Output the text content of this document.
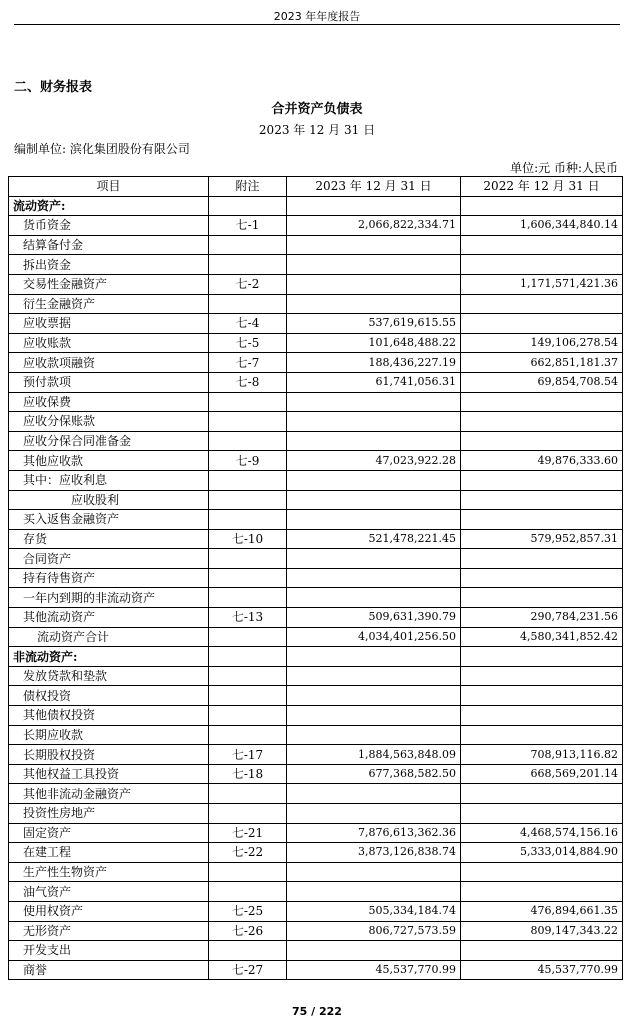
2023 年年度报告
二、财务报表
合并资产负债表
2023 年 12 月 31 日
编制单位: 滨化集团股份有限公司
单位:元 币种:人民币
项目	附注	2023 年 12 月 31 日	2022 年 12 月 31 日
流动资产:			
货币资金	七-1	2,066,822,334.71	1,606,344,840.14
结算备付金			
拆出资金			
交易性金融资产	七-2		1,171,571,421.36
衍生金融资产			
应收票据	七-4	537,619,615.55	
应收账款	七-5	101,648,488.22	149,106,278.54
应收款项融资	七-7	188,436,227.19	662,851,181.37
预付款项	七-8	61,741,056.31	69,854,708.54
应收保费			
应收分保账款			
应收分保合同准备金			
其他应收款	七-9	47,023,922.28	49,876,333.60
其中：应收利息			
应收股利			
买入返售金融资产			
存货	七-10	521,478,221.45	579,952,857.31
合同资产			
持有待售资产			
一年内到期的非流动资产			
其他流动资产	七-13	509,631,390.79	290,784,231.56
流动资产合计		4,034,401,256.50	4,580,341,852.42
非流动资产:			
发放贷款和垫款			
债权投资			
其他债权投资			
长期应收款			
长期股权投资	七-17	1,884,563,848.09	708,913,116.82
其他权益工具投资	七-18	677,368,582.50	668,569,201.14
其他非流动金融资产			
投资性房地产			
固定资产	七-21	7,876,613,362.36	4,468,574,156.16
在建工程	七-22	3,873,126,838.74	5,333,014,884.90
生产性生物资产			
油气资产			
使用权资产	七-25	505,334,184.74	476,894,661.35
无形资产	七-26	806,727,573.59	809,147,343.22
开发支出			
商誉	七-27	45,537,770.99	45,537,770.99
75 / 222
